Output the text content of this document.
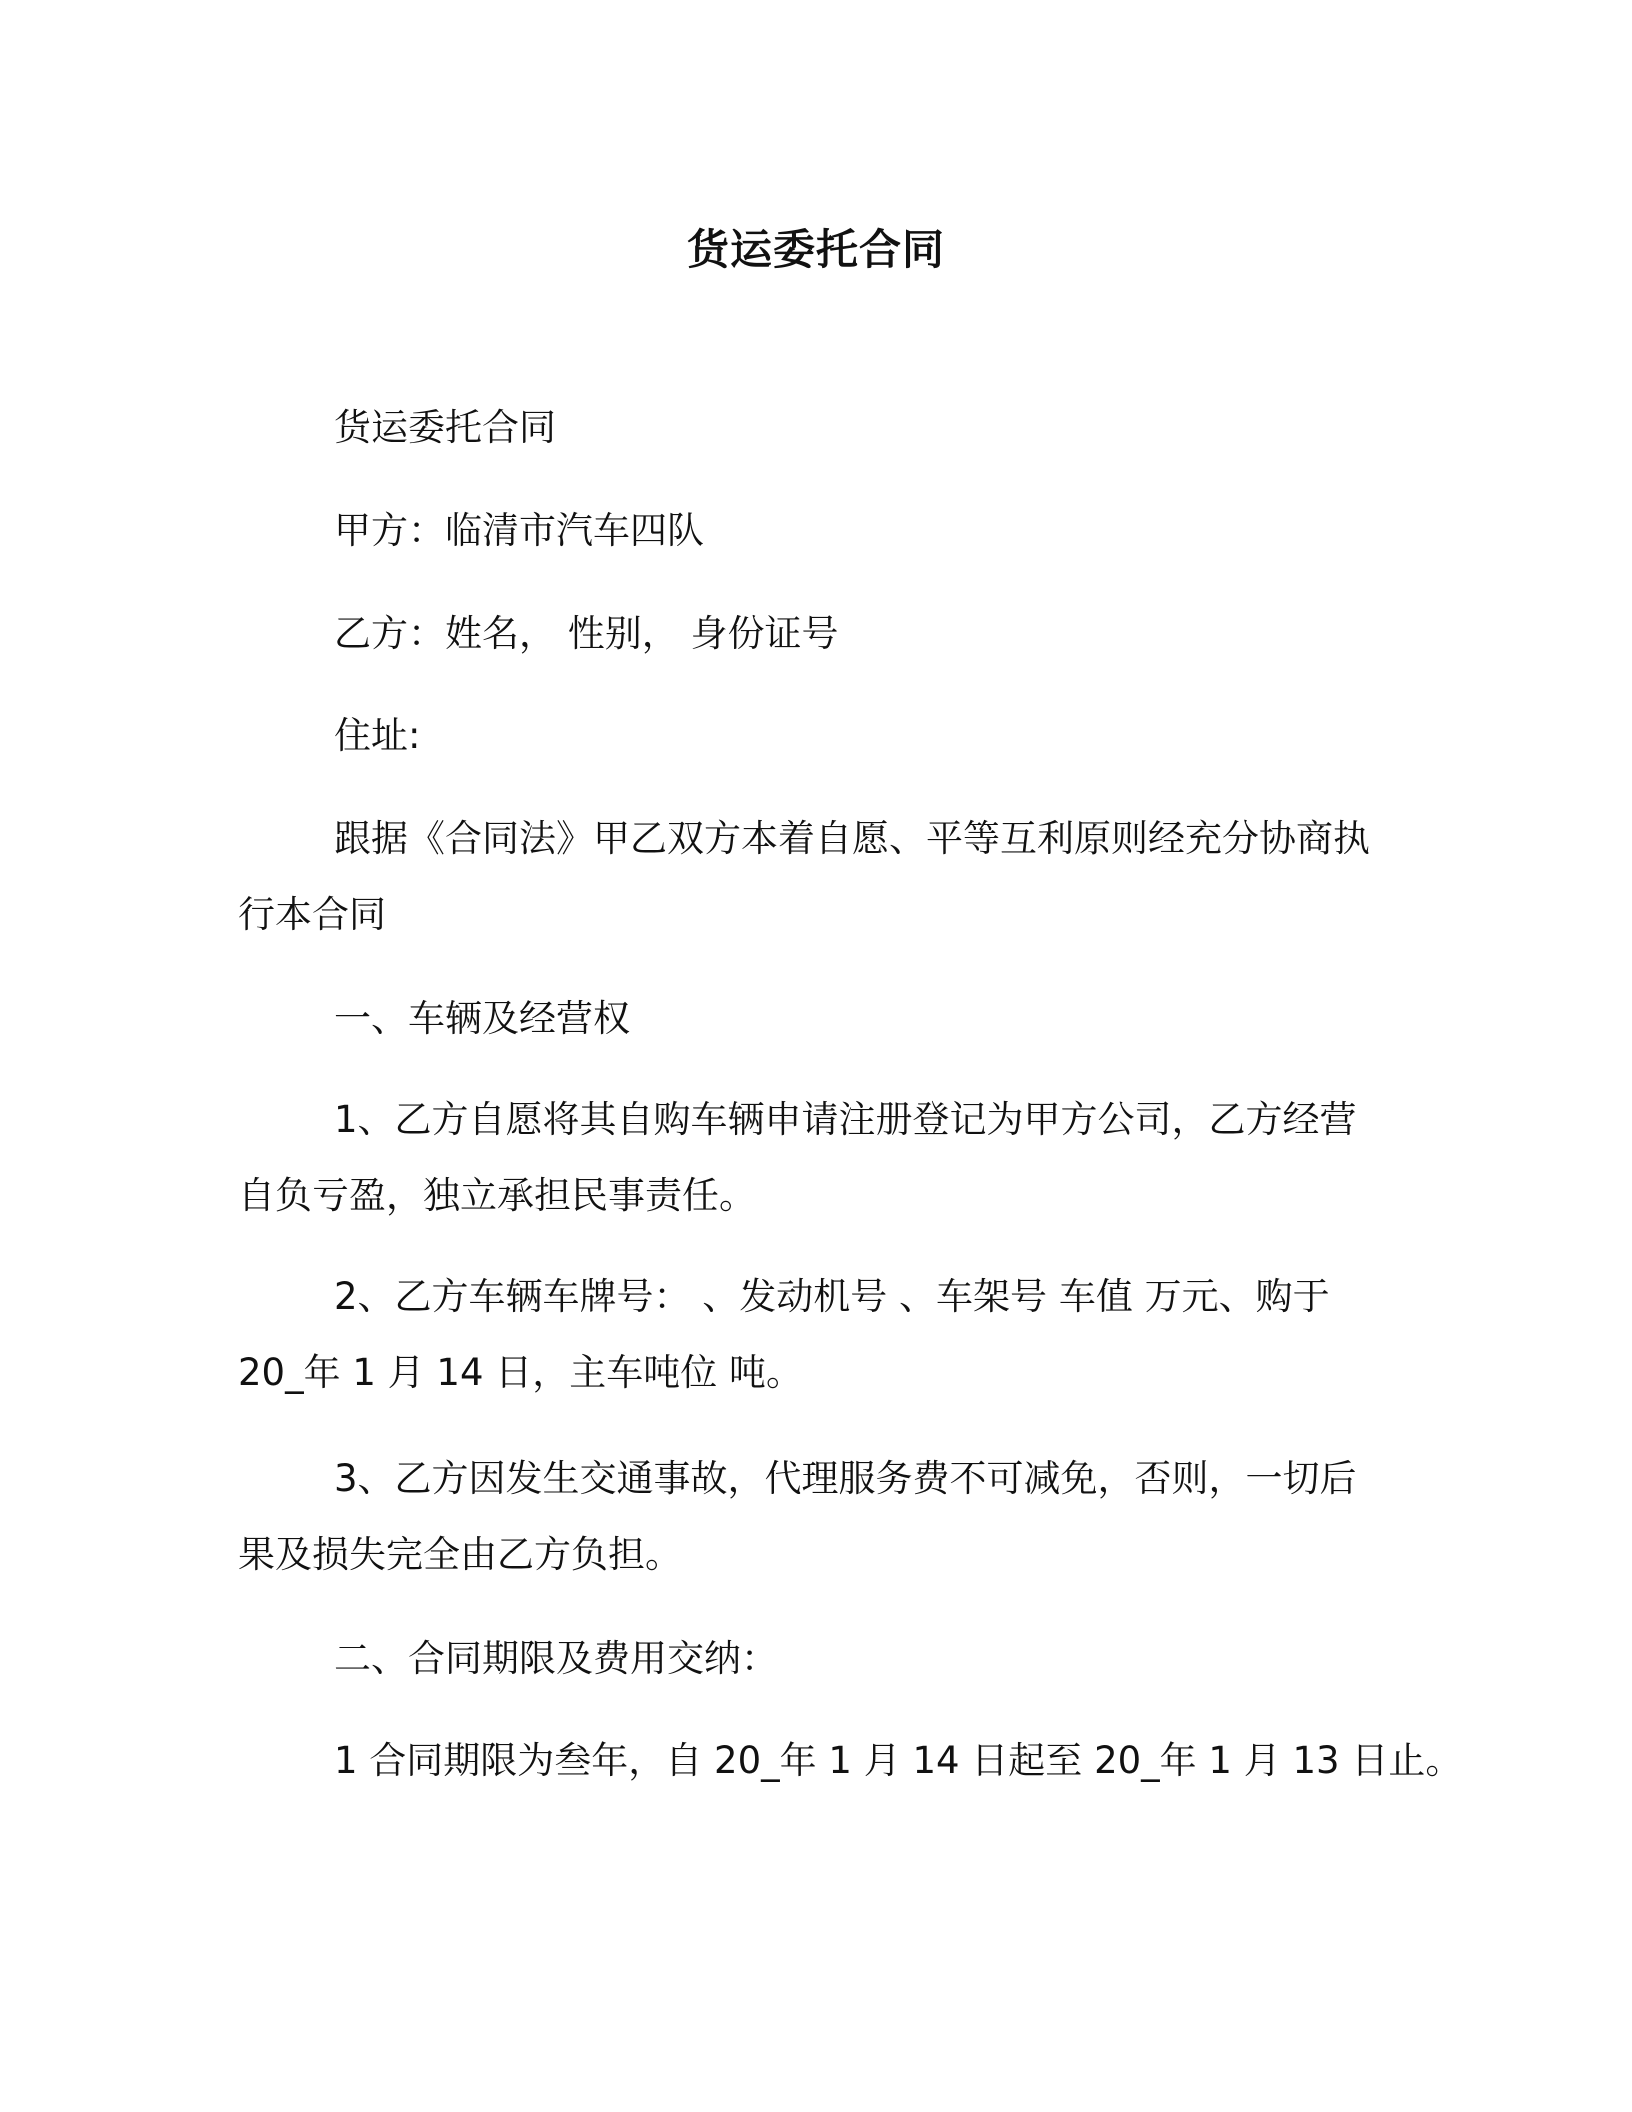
货运委托合同
货运委托合同
甲方：临清市汽车四队
乙方：姓名， 性别， 身份证号
住址:
跟据《合同法》甲乙双方本着自愿、平等互利原则经充分协商执
行本合同
一、车辆及经营权
1、乙方自愿将其自购车辆申请注册登记为甲方公司，乙方经营
自负亏盈，独立承担民事责任。
2、乙方车辆车牌号： 、发动机号 、车架号 车值 万元、购于
20_年 1 月 14 日，主车吨位 吨。
3、乙方因发生交通事故，代理服务费不可减免，否则，一切后
果及损失完全由乙方负担。
二、合同期限及费用交纳：
1 合同期限为叁年，自 20_年 1 月 14 日起至 20_年 1 月 13 日止。
